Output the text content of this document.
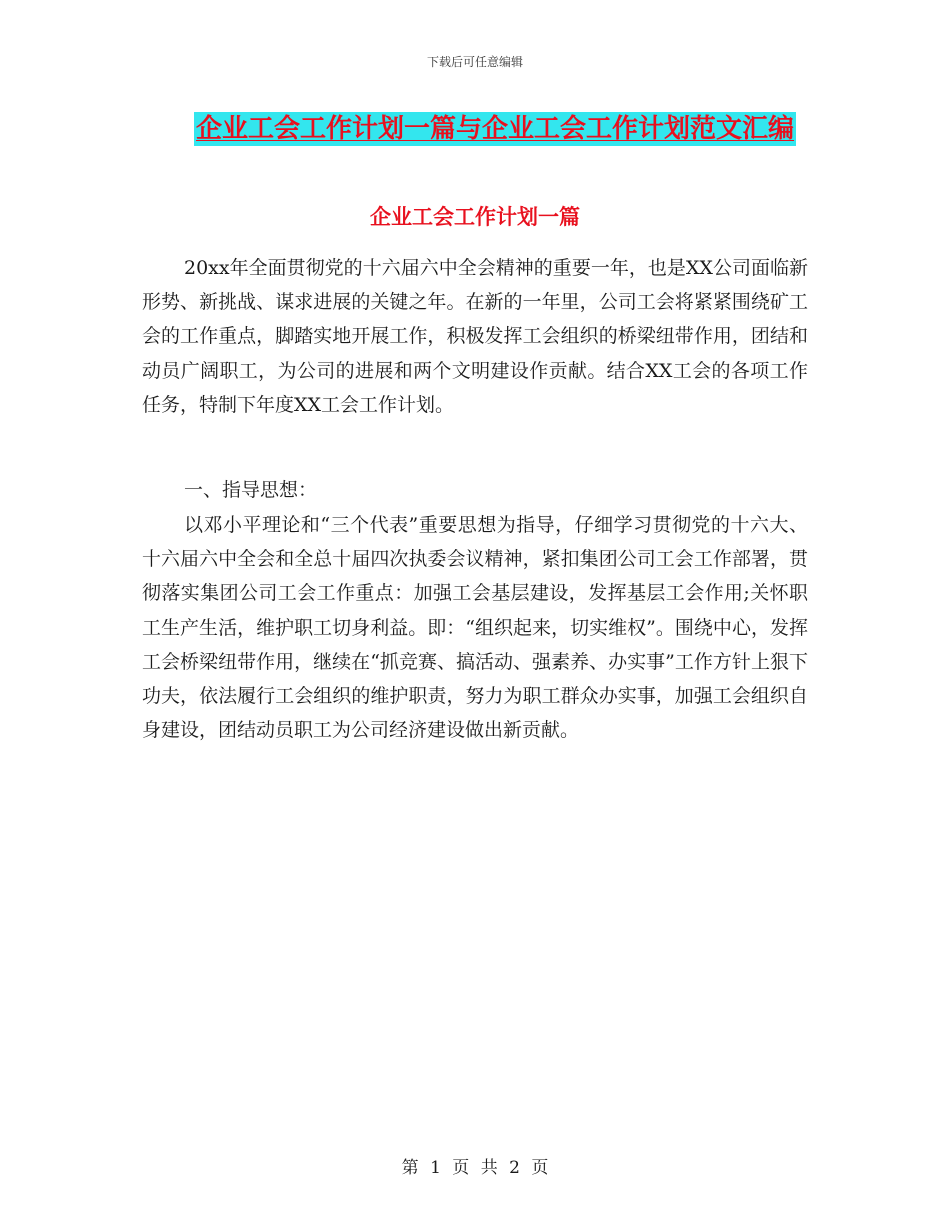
下载后可任意编辑
企业工会工作计划一篇与企业工会工作计划范文汇编
企业工会工作计划一篇

20xx年全面贯彻党的十六届六中全会精神的重要一年，也是XX公司面临新形势、新挑战、谋求进展的关键之年。在新的一年里，公司工会将紧紧围绕矿工会的工作重点，脚踏实地开展工作，积极发挥工会组织的桥梁纽带作用，团结和动员广阔职工，为公司的进展和两个文明建设作贡献。结合XX工会的各项工作任务，特制下年度XX工会工作计划。

一、指导思想：

以邓小平理论和“三个代表”重要思想为指导，仔细学习贯彻党的十六大、十六届六中全会和全总十届四次执委会议精神，紧扣集团公司工会工作部署，贯彻落实集团公司工会工作重点：加强工会基层建设，发挥基层工会作用;关怀职工生产生活，维护职工切身利益。即：“组织起来，切实维权”。围绕中心，发挥工会桥梁纽带作用，继续在“抓竞赛、搞活动、强素养、办实事”工作方针上狠下功夫，依法履行工会组织的维护职责，努力为职工群众办实事，加强工会组织自身建设，团结动员职工为公司经济建设做出新贡献。

第 1 页 共 2 页
